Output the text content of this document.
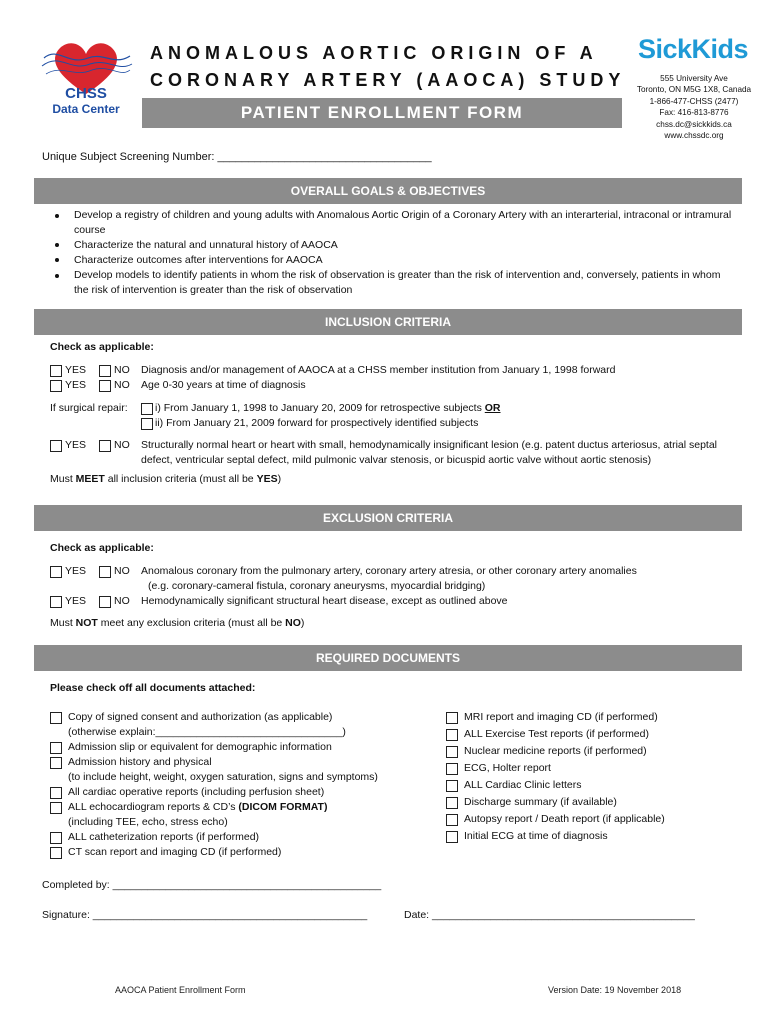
CHSS
Data Center
ANOMALOUS AORTIC ORIGIN OF A
CORONARY ARTERY (AAOCA) STUDY
PATIENT ENROLLMENT FORM
SickKids
555 University Ave
Toronto, ON M5G 1X8, Canada
1-866-477-CHSS (2477)
Fax: 416-813-8776
chss.dc@sickkids.ca
www.chssdc.org
Unique Subject Screening Number: ___________________________________
OVERALL GOALS & OBJECTIVES
Develop a registry of children and young adults with Anomalous Aortic Origin of a Coronary Artery with an interarterial, intraconal or intramural
course
Characterize the natural and unnatural history of AAOCA
Characterize outcomes after interventions for AAOCA
Develop models to identify patients in whom the risk of observation is greater than the risk of intervention and, conversely, patients in whom
the risk of intervention is greater than the risk of observation
INCLUSION CRITERIA
Check as applicable:
YES	NO Diagnosis and/or management of AAOCA at a CHSS member institution from January 1, 1998 forward
YES	NO Age 0-30 years at time of diagnosis
If surgical repair:	i) From January 1, 1998 to January 20, 2009 for retrospective subjects OR
ii) From January 21, 2009 forward for prospectively identified subjects
YES	NO Structurally normal heart or heart with small, hemodynamically insignificant lesion (e.g. patent ductus arteriosus, atrial septal
defect, ventricular septal defect, mild pulmonic valvar stenosis, or bicuspid aortic valve without aortic stenosis)
Must MEET all inclusion criteria (must all be YES)
EXCLUSION CRITERIA
Check as applicable:
YES	NO Anomalous coronary from the pulmonary artery, coronary artery atresia, or other coronary artery anomalies
(e.g. coronary-cameral fistula, coronary aneurysms, myocardial bridging)
YES	NO Hemodynamically significant structural heart disease, except as outlined above
Must NOT meet any exclusion criteria (must all be NO)
REQUIRED DOCUMENTS
Please check off all documents attached:
Copy of signed consent and authorization (as applicable)
(otherwise explain:________________________________)
Admission slip or equivalent for demographic information
Admission history and physical
(to include height, weight, oxygen saturation, signs and symptoms)
All cardiac operative reports (including perfusion sheet)
ALL echocardiogram reports & CD’s (DICOM FORMAT)
(including TEE, echo, stress echo)
ALL catheterization reports (if performed)
CT scan report and imaging CD (if performed)
MRI report and imaging CD (if performed)
ALL Exercise Test reports (if performed)
Nuclear medicine reports (if performed)
ECG, Holter report
ALL Cardiac Clinic letters
Discharge summary (if available)
Autopsy report / Death report (if applicable)
Initial ECG at time of diagnosis
Completed by: ______________________________________________
Signature: _______________________________________________	Date: _____________________________________________
AAOCA Patient Enrollment Form	Version Date: 19 November 2018
